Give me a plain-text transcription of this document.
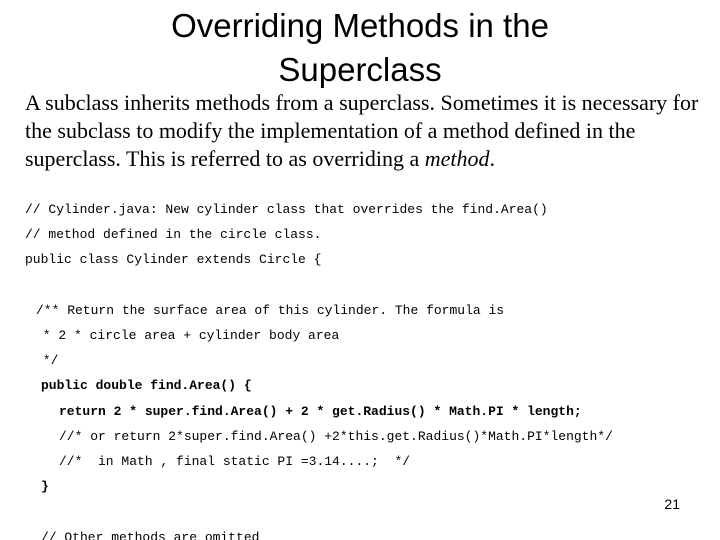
Overriding Methods in the
Superclass
A subclass inherits methods from a superclass. Sometimes it is necessary for the subclass to modify the implementation of a method defined in the superclass. This is referred to as overriding a method.
// Cylinder.java: New cylinder class that overrides the find.Area()
// method defined in the circle class.
public class Cylinder extends Circle {
/** Return the surface area of this cylinder. The formula is
* 2 * circle area + cylinder body area
*/
public double find.Area() {
return 2 * super.find.Area() + 2 * get.Radius() * Math.PI * length;
//* or return 2*super.find.Area() +2*this.get.Radius()*Math.PI*length*/
//*  in Math , final static PI =3.14....;  */
}
// Other methods are omitted
21
